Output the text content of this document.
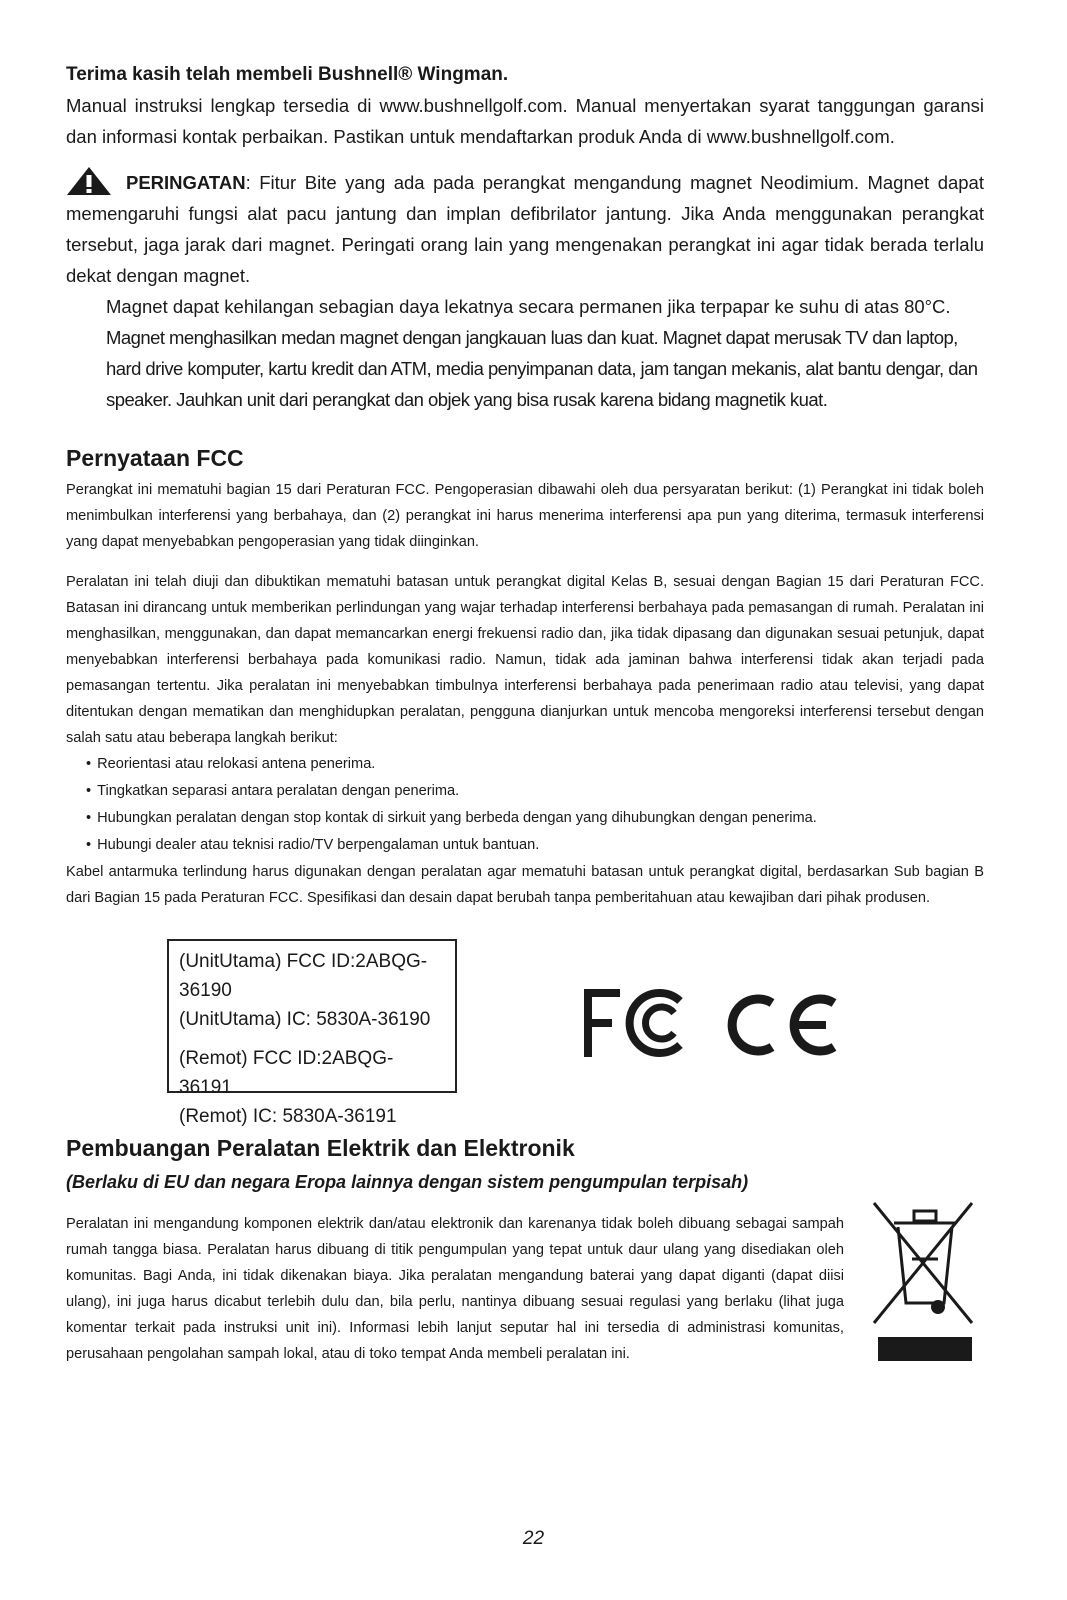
Terima kasih telah membeli Bushnell® Wingman.

Manual instruksi lengkap tersedia di www.bushnellgolf.com. Manual menyertakan syarat tanggungan garansi dan informasi kontak perbaikan. Pastikan untuk mendaftarkan produk Anda di www.bushnellgolf.com.

PERINGATAN: Fitur Bite yang ada pada perangkat mengandung magnet Neodimium. Magnet dapat memengaruhi fungsi alat pacu jantung dan implan defibrilator jantung. Jika Anda menggunakan perangkat tersebut, jaga jarak dari magnet. Peringati orang lain yang mengenakan perangkat ini agar tidak berada terlalu dekat dengan magnet.

Magnet dapat kehilangan sebagian daya lekatnya secara permanen jika terpapar ke suhu di atas 80°C.

Magnet menghasilkan medan magnet dengan jangkauan luas dan kuat. Magnet dapat merusak TV dan laptop, hard drive komputer, kartu kredit dan ATM, media penyimpanan data, jam tangan mekanis, alat bantu dengar, dan speaker. Jauhkan unit dari perangkat dan objek yang bisa rusak karena bidang magnetik kuat.

Pernyataan FCC

Perangkat ini mematuhi bagian 15 dari Peraturan FCC. Pengoperasian dibawahi oleh dua persyaratan berikut: (1) Perangkat ini tidak boleh menimbulkan interferensi yang berbahaya, dan (2) perangkat ini harus menerima interferensi apa pun yang diterima, termasuk interferensi yang dapat menyebabkan pengoperasian yang tidak diinginkan.

Peralatan ini telah diuji dan dibuktikan mematuhi batasan untuk perangkat digital Kelas B, sesuai dengan Bagian 15 dari Peraturan FCC. Batasan ini dirancang untuk memberikan perlindungan yang wajar terhadap interferensi berbahaya pada pemasangan di rumah. Peralatan ini menghasilkan, menggunakan, dan dapat memancarkan energi frekuensi radio dan, jika tidak dipasang dan digunakan sesuai petunjuk, dapat menyebabkan interferensi berbahaya pada komunikasi radio. Namun, tidak ada jaminan bahwa interferensi tidak akan terjadi pada pemasangan tertentu. Jika peralatan ini menyebabkan timbulnya interferensi berbahaya pada penerimaan radio atau televisi, yang dapat ditentukan dengan mematikan dan menghidupkan peralatan, pengguna dianjurkan untuk mencoba mengoreksi interferensi tersebut dengan salah satu atau beberapa langkah berikut:

• Reorientasi atau relokasi antena penerima.
• Tingkatkan separasi antara peralatan dengan penerima.
• Hubungkan peralatan dengan stop kontak di sirkuit yang berbeda dengan yang dihubungkan dengan penerima.
• Hubungi dealer atau teknisi radio/TV berpengalaman untuk bantuan.

Kabel antarmuka terlindung harus digunakan dengan peralatan agar mematuhi batasan untuk perangkat digital, berdasarkan Sub bagian B dari Bagian 15 pada Peraturan FCC. Spesifikasi dan desain dapat berubah tanpa pemberitahuan atau kewajiban dari pihak produsen.

(UnitUtama) FCC ID:2ABQG-36190
(UnitUtama) IC: 5830A-36190
(Remot) FCC ID:2ABQG-36191
(Remot) IC: 5830A-36191
Pembuangan Peralatan Elektrik dan Elektronik

(Berlaku di EU dan negara Eropa lainnya dengan sistem pengumpulan terpisah)

Peralatan ini mengandung komponen elektrik dan/atau elektronik dan karenanya tidak boleh dibuang sebagai sampah rumah tangga biasa. Peralatan harus dibuang di titik pengumpulan yang tepat untuk daur ulang yang disediakan oleh komunitas. Bagi Anda, ini tidak dikenakan biaya. Jika peralatan mengandung baterai yang dapat diganti (dapat diisi ulang), ini juga harus dicabut terlebih dulu dan, bila perlu, nantinya dibuang sesuai regulasi yang berlaku (lihat juga komentar terkait pada instruksi unit ini). Informasi lebih lanjut seputar hal ini tersedia di administrasi komunitas, perusahaan pengolahan sampah lokal, atau di toko tempat Anda membeli peralatan ini.

22
